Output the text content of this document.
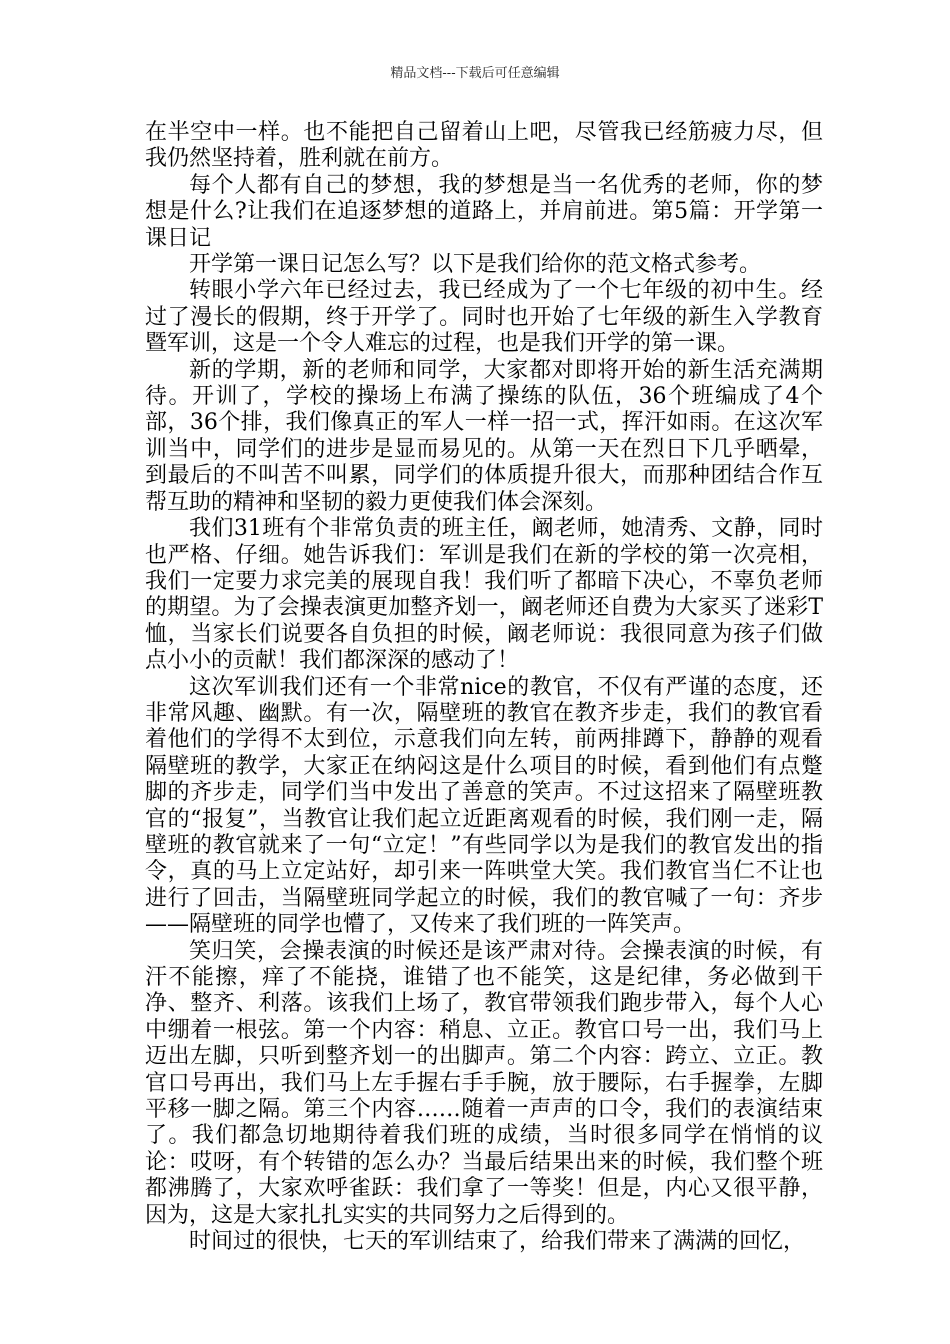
精品文档---下载后可任意编辑

在半空中一样。也不能把自己留着山上吧，尽管我已经筋疲力尽，但我仍然坚持着，胜利就在前方。

每个人都有自己的梦想，我的梦想是当一名优秀的老师，你的梦想是什么?让我们在追逐梦想的道路上，并肩前进。第5篇：开学第一课日记

开学第一课日记怎么写？以下是我们给你的范文格式参考。

转眼小学六年已经过去，我已经成为了一个七年级的初中生。经过了漫长的假期，终于开学了。同时也开始了七年级的新生入学教育暨军训，这是一个令人难忘的过程，也是我们开学的第一课。

新的学期，新的老师和同学，大家都对即将开始的新生活充满期待。开训了，学校的操场上布满了操练的队伍，36个班编成了4个部，36个排，我们像真正的军人一样一招一式，挥汗如雨。在这次军训当中，同学们的进步是显而易见的。从第一天在烈日下几乎晒晕，到最后的不叫苦不叫累，同学们的体质提升很大，而那种团结合作互帮互助的精神和坚韧的毅力更使我们体会深刻。

我们31班有个非常负责的班主任，阚老师，她清秀、文静，同时也严格、仔细。她告诉我们：军训是我们在新的学校的第一次亮相，我们一定要力求完美的展现自我！我们听了都暗下决心，不辜负老师的期望。为了会操表演更加整齐划一，阚老师还自费为大家买了迷彩T恤，当家长们说要各自负担的时候，阚老师说：我很同意为孩子们做点小小的贡献！我们都深深的感动了！

这次军训我们还有一个非常nice的教官，不仅有严谨的态度，还非常风趣、幽默。有一次，隔壁班的教官在教齐步走，我们的教官看着他们的学得不太到位，示意我们向左转，前两排蹲下，静静的观看隔壁班的教学，大家正在纳闷这是什么项目的时候，看到他们有点蹩脚的齐步走，同学们当中发出了善意的笑声。不过这招来了隔壁班教官的“报复”，当教官让我们起立近距离观看的时候，我们刚一走，隔壁班的教官就来了一句“立定！”有些同学以为是我们的教官发出的指令，真的马上立定站好，却引来一阵哄堂大笑。我们教官当仁不让也进行了回击，当隔壁班同学起立的时候，我们的教官喊了一句：齐步——隔壁班的同学也懵了，又传来了我们班的一阵笑声。

笑归笑，会操表演的时候还是该严肃对待。会操表演的时候，有汗不能擦，痒了不能挠，谁错了也不能笑，这是纪律，务必做到干净、整齐、利落。该我们上场了，教官带领我们跑步带入，每个人心中绷着一根弦。第一个内容：稍息、立正。教官口号一出，我们马上迈出左脚，只听到整齐划一的出脚声。第二个内容：跨立、立正。教官口号再出，我们马上左手握右手手腕，放于腰际，右手握拳，左脚平移一脚之隔。第三个内容……随着一声声的口令，我们的表演结束了。我们都急切地期待着我们班的成绩，当时很多同学在悄悄的议论：哎呀，有个转错的怎么办？当最后结果出来的时候，我们整个班都沸腾了，大家欢呼雀跃：我们拿了一等奖！但是，内心又很平静，因为，这是大家扎扎实实的共同努力之后得到的。

时间过的很快，七天的军训结束了，给我们带来了满满的回忆，
